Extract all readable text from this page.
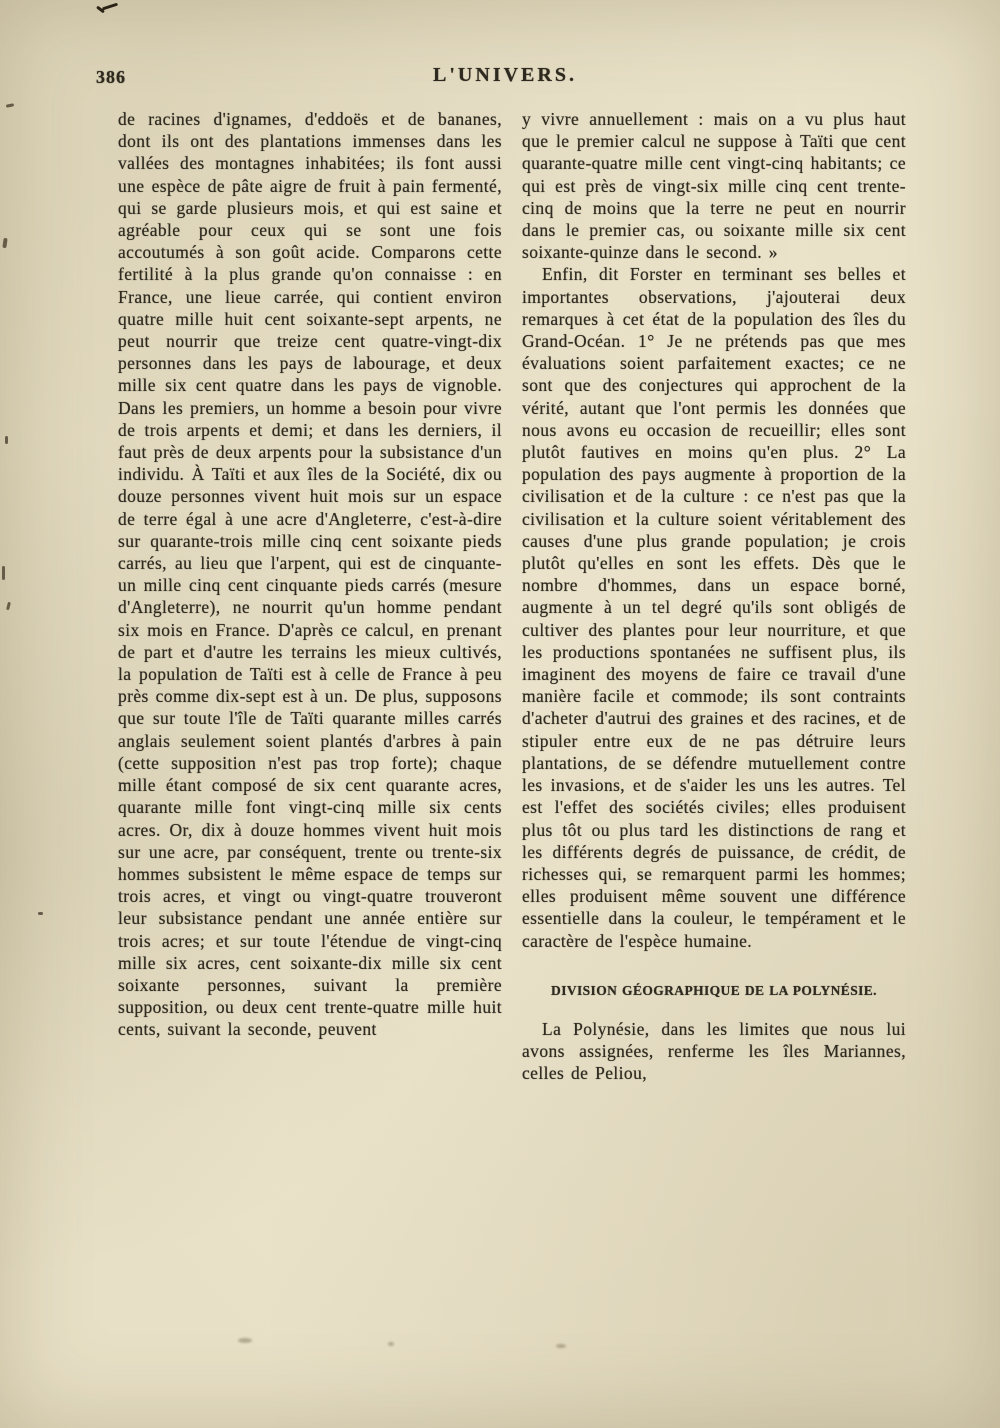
386	L'UNIVERS.

de racines d'ignames, d'eddoës et de bananes, dont ils ont des plantations immenses dans les vallées des montagnes inhabitées; ils font aussi une espèce de pâte aigre de fruit à pain fermenté, qui se garde plusieurs mois, et qui est saine et agréable pour ceux qui se sont une fois accoutumés à son goût acide. Comparons cette fertilité à la plus grande qu'on connaisse : en France, une lieue carrée, qui contient environ quatre mille huit cent soixante-sept arpents, ne peut nourrir que treize cent quatre-vingt-dix personnes dans les pays de labourage, et deux mille six cent quatre dans les pays de vignoble. Dans les premiers, un homme a besoin pour vivre de trois arpents et demi; et dans les derniers, il faut près de deux arpents pour la subsistance d'un individu. À Taïti et aux îles de la Société, dix ou douze personnes vivent huit mois sur un espace de terre égal à une acre d'Angleterre, c'est-à-dire sur quarante-trois mille cinq cent soixante pieds carrés, au lieu que l'arpent, qui est de cinquante-un mille cinq cent cinquante pieds carrés (mesure d'Angleterre), ne nourrit qu'un homme pendant six mois en France. D'après ce calcul, en prenant de part et d'autre les terrains les mieux cultivés, la population de Taïti est à celle de France à peu près comme dix-sept est à un. De plus, supposons que sur toute l'île de Taïti quarante milles carrés anglais seulement soient plantés d'arbres à pain (cette supposition n'est pas trop forte); chaque mille étant composé de six cent quarante acres, quarante mille font vingt-cinq mille six cents acres. Or, dix à douze hommes vivent huit mois sur une acre, par conséquent, trente ou trente-six hommes subsistent le même espace de temps sur trois acres, et vingt ou vingt-quatre trouveront leur subsistance pendant une année entière sur trois acres; et sur toute l'étendue de vingt-cinq mille six acres, cent soixante-dix mille six cent soixante personnes, suivant la première supposition, ou deux cent trente-quatre mille huit cents, suivant la seconde, peuvent

y vivre annuellement : mais on a vu plus haut que le premier calcul ne suppose à Taïti que cent quarante-quatre mille cent vingt-cinq habitants; ce qui est près de vingt-six mille cinq cent trente-cinq de moins que la terre ne peut en nourrir dans le premier cas, ou soixante mille six cent soixante-quinze dans le second. »

Enfin, dit Forster en terminant ses belles et importantes observations, j'ajouterai deux remarques à cet état de la population des îles du Grand-Océan. 1° Je ne prétends pas que mes évaluations soient parfaitement exactes; ce ne sont que des conjectures qui approchent de la vérité, autant que l'ont permis les données que nous avons eu occasion de recueillir; elles sont plutôt fautives en moins qu'en plus. 2° La population des pays augmente à proportion de la civilisation et de la culture : ce n'est pas que la civilisation et la culture soient véritablement des causes d'une plus grande population; je crois plutôt qu'elles en sont les effets. Dès que le nombre d'hommes, dans un espace borné, augmente à un tel degré qu'ils sont obligés de cultiver des plantes pour leur nourriture, et que les productions spontanées ne suffisent plus, ils imaginent des moyens de faire ce travail d'une manière facile et commode; ils sont contraints d'acheter d'autrui des graines et des racines, et de stipuler entre eux de ne pas détruire leurs plantations, de se défendre mutuellement contre les invasions, et de s'aider les uns les autres. Tel est l'effet des sociétés civiles; elles produisent plus tôt ou plus tard les distinctions de rang et les différents degrés de puissance, de crédit, de richesses qui, se remarquent parmi les hommes; elles produisent même souvent une différence essentielle dans la couleur, le tempérament et le caractère de l'espèce humaine.

DIVISION GÉOGRAPHIQUE DE LA POLYNÉSIE.

La Polynésie, dans les limites que nous lui avons assignées, renferme les îles Mariannes, celles de Peliou,
